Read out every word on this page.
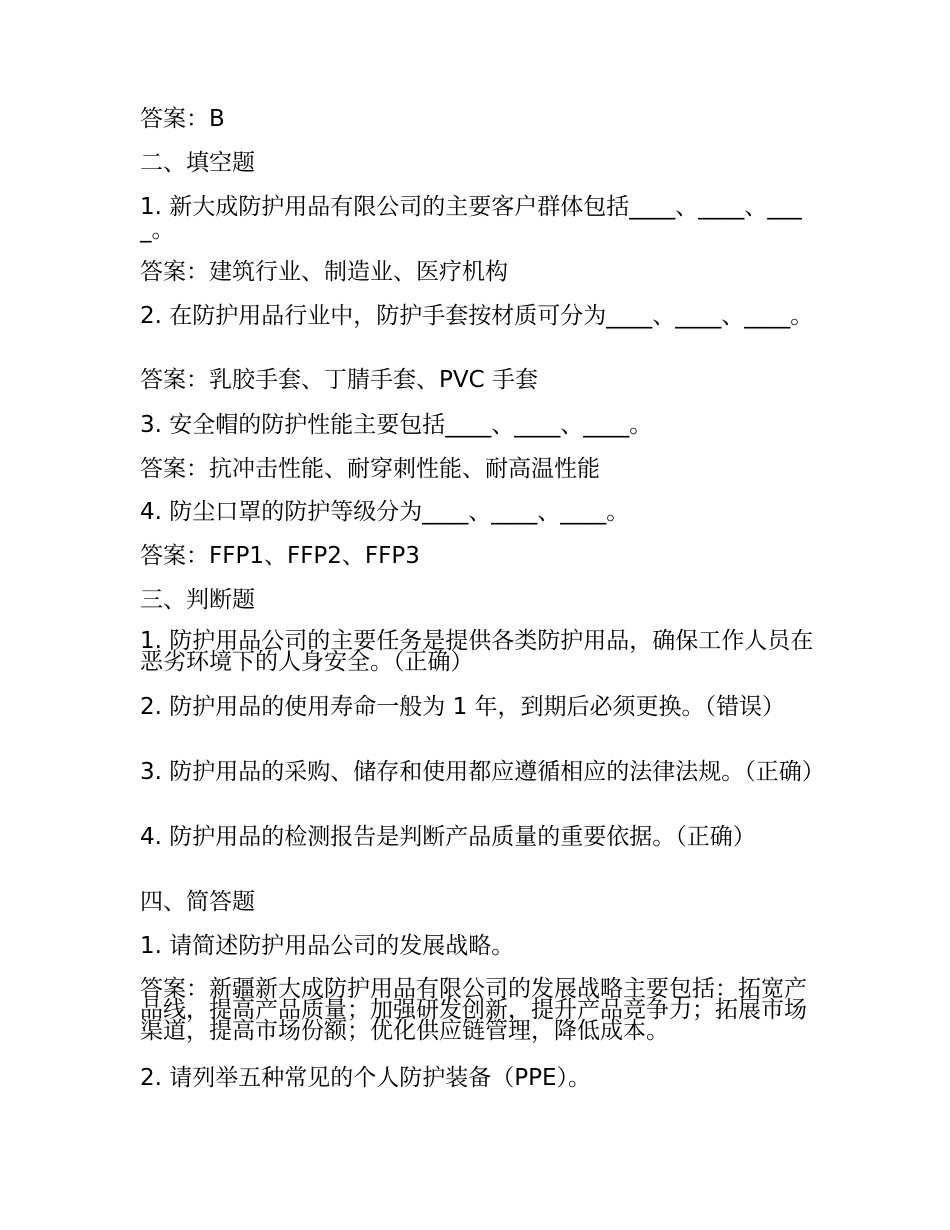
答案：B
二、填空题
1. 新大成防护用品有限公司的主要客户群体包括____、____、____。
答案：建筑行业、制造业、医疗机构
2. 在防护用品行业中，防护手套按材质可分为____、____、____。
答案：乳胶手套、丁腈手套、PVC 手套
3. 安全帽的防护性能主要包括____、____、____。
答案：抗冲击性能、耐穿刺性能、耐高温性能
4. 防尘口罩的防护等级分为____、____、____。
答案：FFP1、FFP2、FFP3
三、判断题
1. 防护用品公司的主要任务是提供各类防护用品，确保工作人员在恶劣环境下的人身安全。（正确）
2. 防护用品的使用寿命一般为 1 年，到期后必须更换。（错误）
3. 防护用品的采购、储存和使用都应遵循相应的法律法规。（正确）
4. 防护用品的检测报告是判断产品质量的重要依据。（正确）
四、简答题
1. 请简述防护用品公司的发展战略。
答案：新疆新大成防护用品有限公司的发展战略主要包括：拓宽产品线，提高产品质量；加强研发创新，提升产品竞争力；拓展市场渠道，提高市场份额；优化供应链管理，降低成本。
2. 请列举五种常见的个人防护装备（PPE）。
